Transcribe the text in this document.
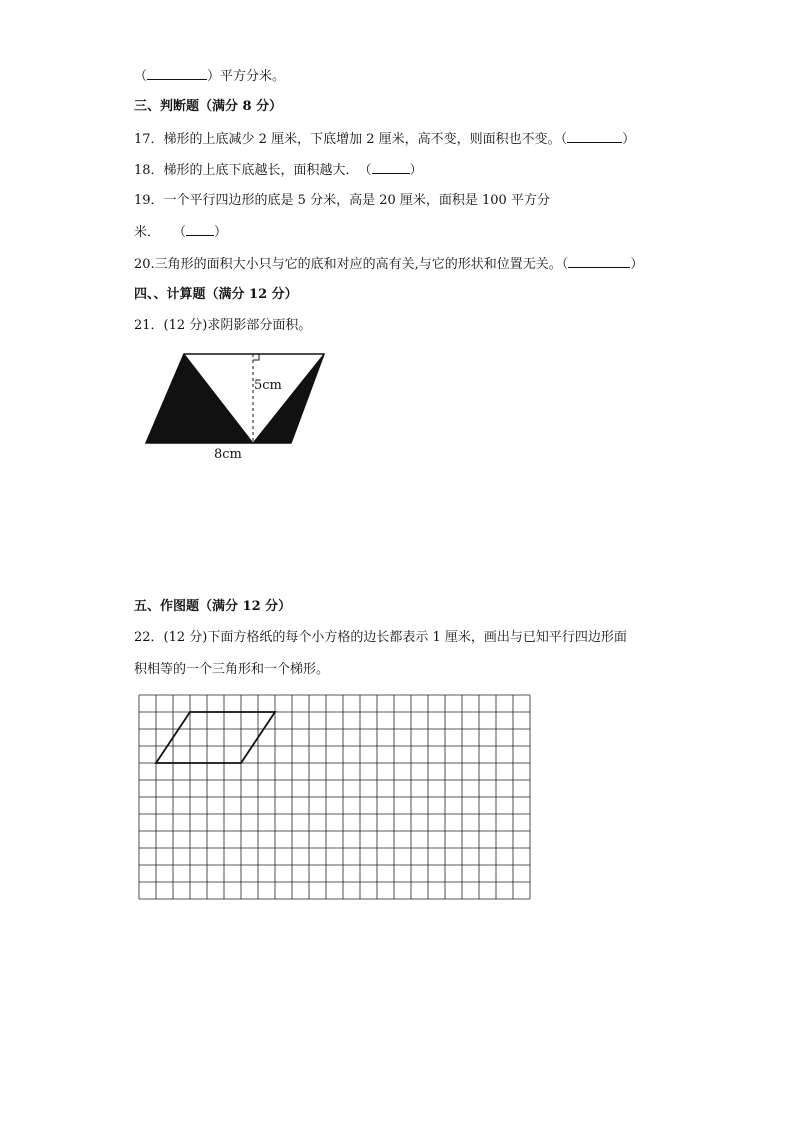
（	）平方分米。
三、判断题（满分 8 分）
17．梯形的上底减少 2 厘米，下底增加 2 厘米，高不变，则面积也不变。（	）
18．梯形的上底下底越长，面积越大．　（	）
19．一个平行四边形的底是 5 分米，高是 20 厘米，面积是 100 平方分
米．　　（ ）
20.三角形的面积大小只与它的底和对应的高有关,与它的形状和位置无关。（	）
四、、计算题（满分 12 分）
21．(12 分)求阴影部分面积。
5cm
8cm
五、作图题（满分 12 分）
22．(12 分)下面方格纸的每个小方格的边长都表示 1 厘米，画出与已知平行四边形面
积相等的一个三角形和一个梯形。
